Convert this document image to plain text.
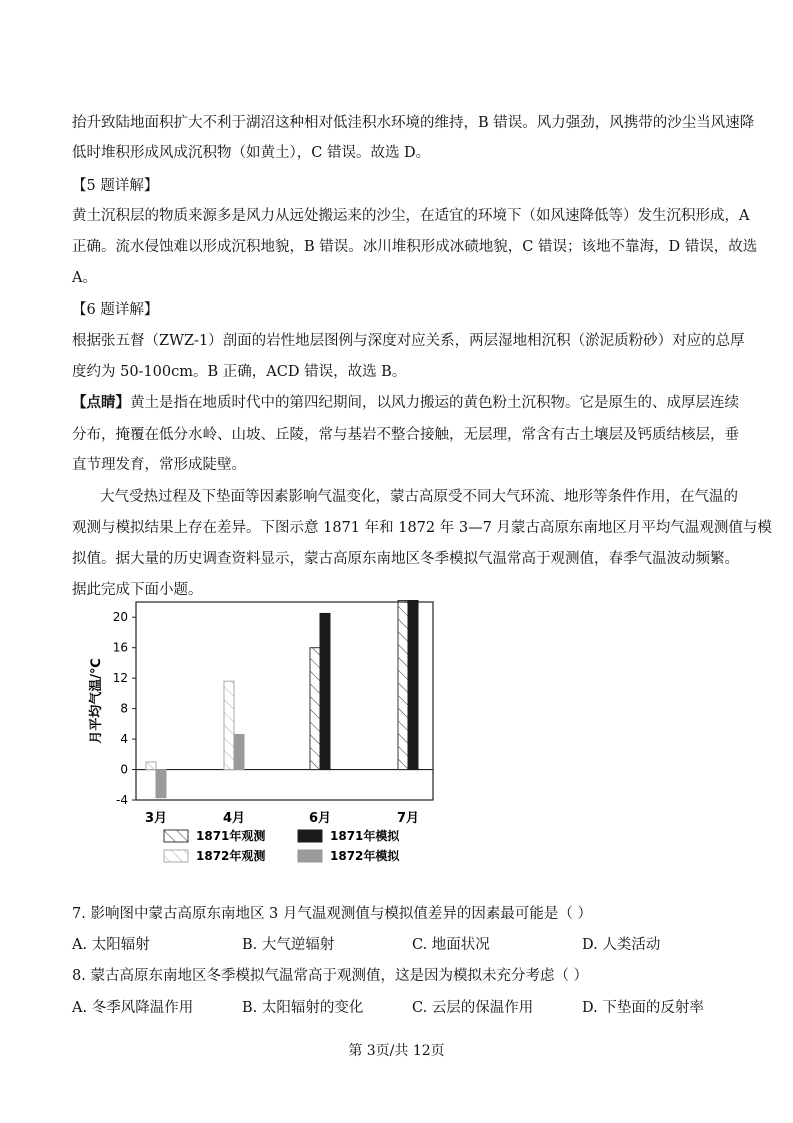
抬升致陆地面积扩大不利于湖沼这种相对低洼积水环境的维持，B 错误。风力强劲，风携带的沙尘当风速降
低时堆积形成风成沉积物（如黄土），C 错误。故选 D。
【5 题详解】
黄土沉积层的物质来源多是风力从远处搬运来的沙尘，在适宜的环境下（如风速降低等）发生沉积形成，A
正确。流水侵蚀难以形成沉积地貌，B 错误。冰川堆积形成冰碛地貌，C 错误；该地不靠海，D 错误，故选
A。
【6 题详解】
根据张五督（ZWZ-1）剖面的岩性地层图例与深度对应关系，两层湿地相沉积（淤泥质粉砂）对应的总厚
度约为 50-100cm。B 正确，ACD 错误，故选 B。
【点睛】黄土是指在地质时代中的第四纪期间，以风力搬运的黄色粉土沉积物。它是原生的、成厚层连续
分布，掩覆在低分水岭、山坡、丘陵，常与基岩不整合接触，无层理，常含有古土壤层及钙质结核层，垂
直节理发育，常形成陡壁。
大气受热过程及下垫面等因素影响气温变化，蒙古高原受不同大气环流、地形等条件作用，在气温的
观测与模拟结果上存在差异。下图示意 1871 年和 1872 年 3—7 月蒙古高原东南地区月平均气温观测值与模
拟值。据大量的历史调查资料显示，蒙古高原东南地区冬季模拟气温常高于观测值，春季气温波动频繁。
据此完成下面小题。
-4
0
4
8
12
16
20
月平均气温/℃
3月	4月	6月	7月
1871年观测	1871年模拟
1872年观测	1872年模拟
7. 影响图中蒙古高原东南地区 3 月气温观测值与模拟值差异的因素最可能是（ ）
A. 太阳辐射	B. 大气逆辐射	C. 地面状况	D. 人类活动
8. 蒙古高原东南地区冬季模拟气温常高于观测值，这是因为模拟未充分考虑（ ）
A. 冬季风降温作用	B. 太阳辐射的变化	C. 云层的保温作用	D. 下垫面的反射率
第 3页/共 12页
